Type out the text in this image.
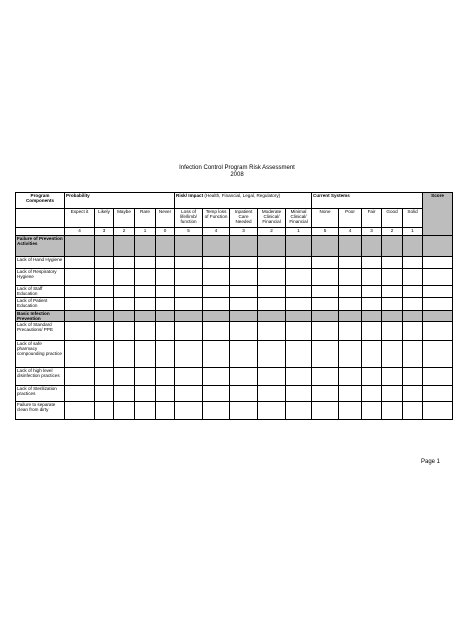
Infection Control Program Risk Assessment
2008
Program Components	Probability					Risk/ Impact (Health, Financial, Legal, Regulatory)					Current Systems					Score
	Expect it	Likely	Maybe	Rare	Never	Loss of life/limb/ function	Temp loss of Function	Inpatient Care Needed	Moderate Clinical/ Financial	Minimal Clinical/ Financial	None	Poor	Fair	Good	Solid	
	4	3	2	1	0	5	4	3	2	1	5	4	3	2	1	
Failure of Prevention Activities																
Lack of Hand Hygiene																
Lack of Respiratory Hygiene																
Lack of Staff Education																
Lack of Patient Education																
Basic Infection Prevention																
Lack of Standard Precautions/ PPE																
Lack of safe pharmacy compounding practice																
Lack of high level disinfection practices																
Lack of Sterilization practices																
Failure to separate clean from dirty																
Page 1
